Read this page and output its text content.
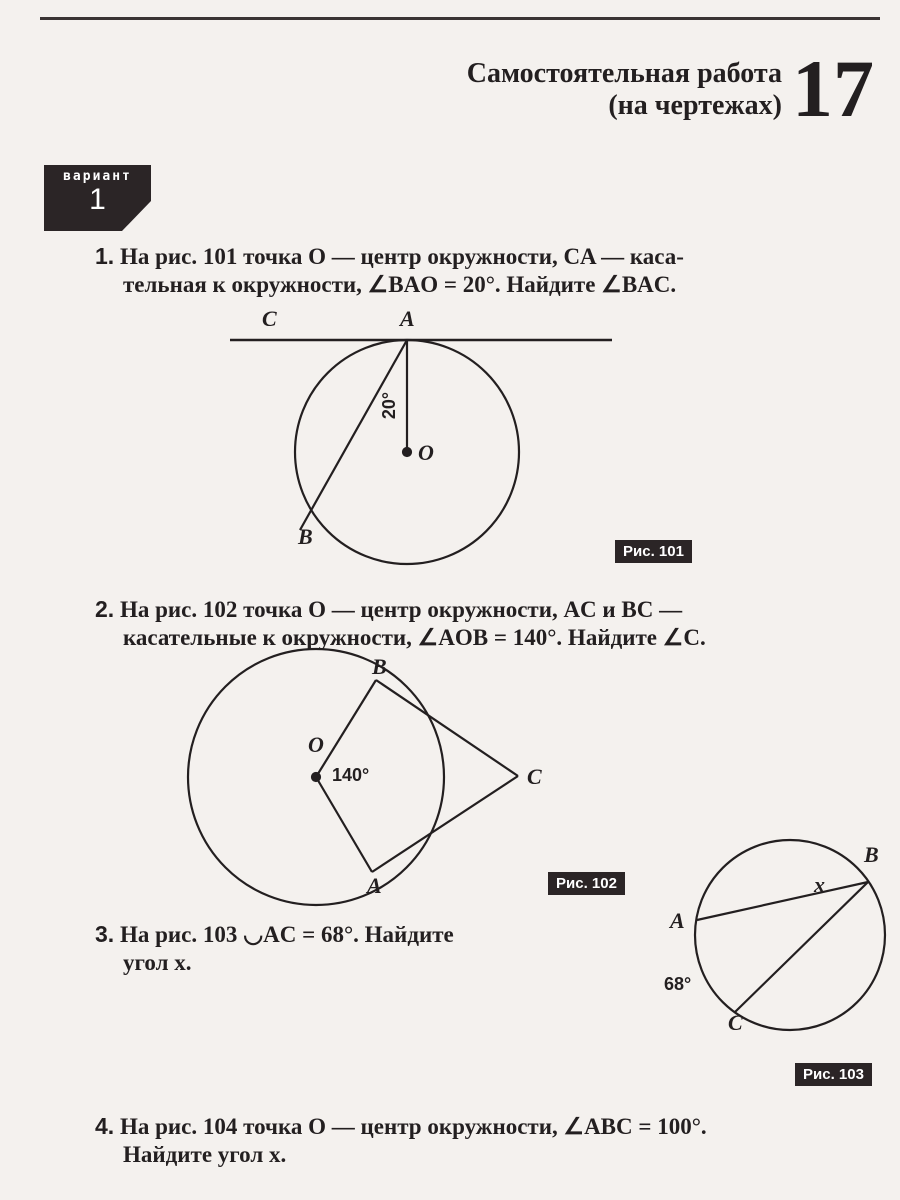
Самостоятельная работа
(на чертежах) 17
вариант
1
1. На рис. 101 точка O — центр окружности, CA — каса-
тельная к окружности, ∠BAO = 20°. Найдите ∠BAC.
2. На рис. 102 точка O — центр окружности, AC и BC —
касательные к окружности, ∠AOB = 140°. Найдите ∠C.
3. На рис. 103 ◡AC = 68°. Найдите
угол x.
4. На рис. 104 точка O — центр окружности, ∠ABC = 100°.
Найдите угол x.
C	A
O
B
20°
Рис. 101
B
O
140°	C
A	Рис. 102
B
x
A
68°
C
Рис. 103
